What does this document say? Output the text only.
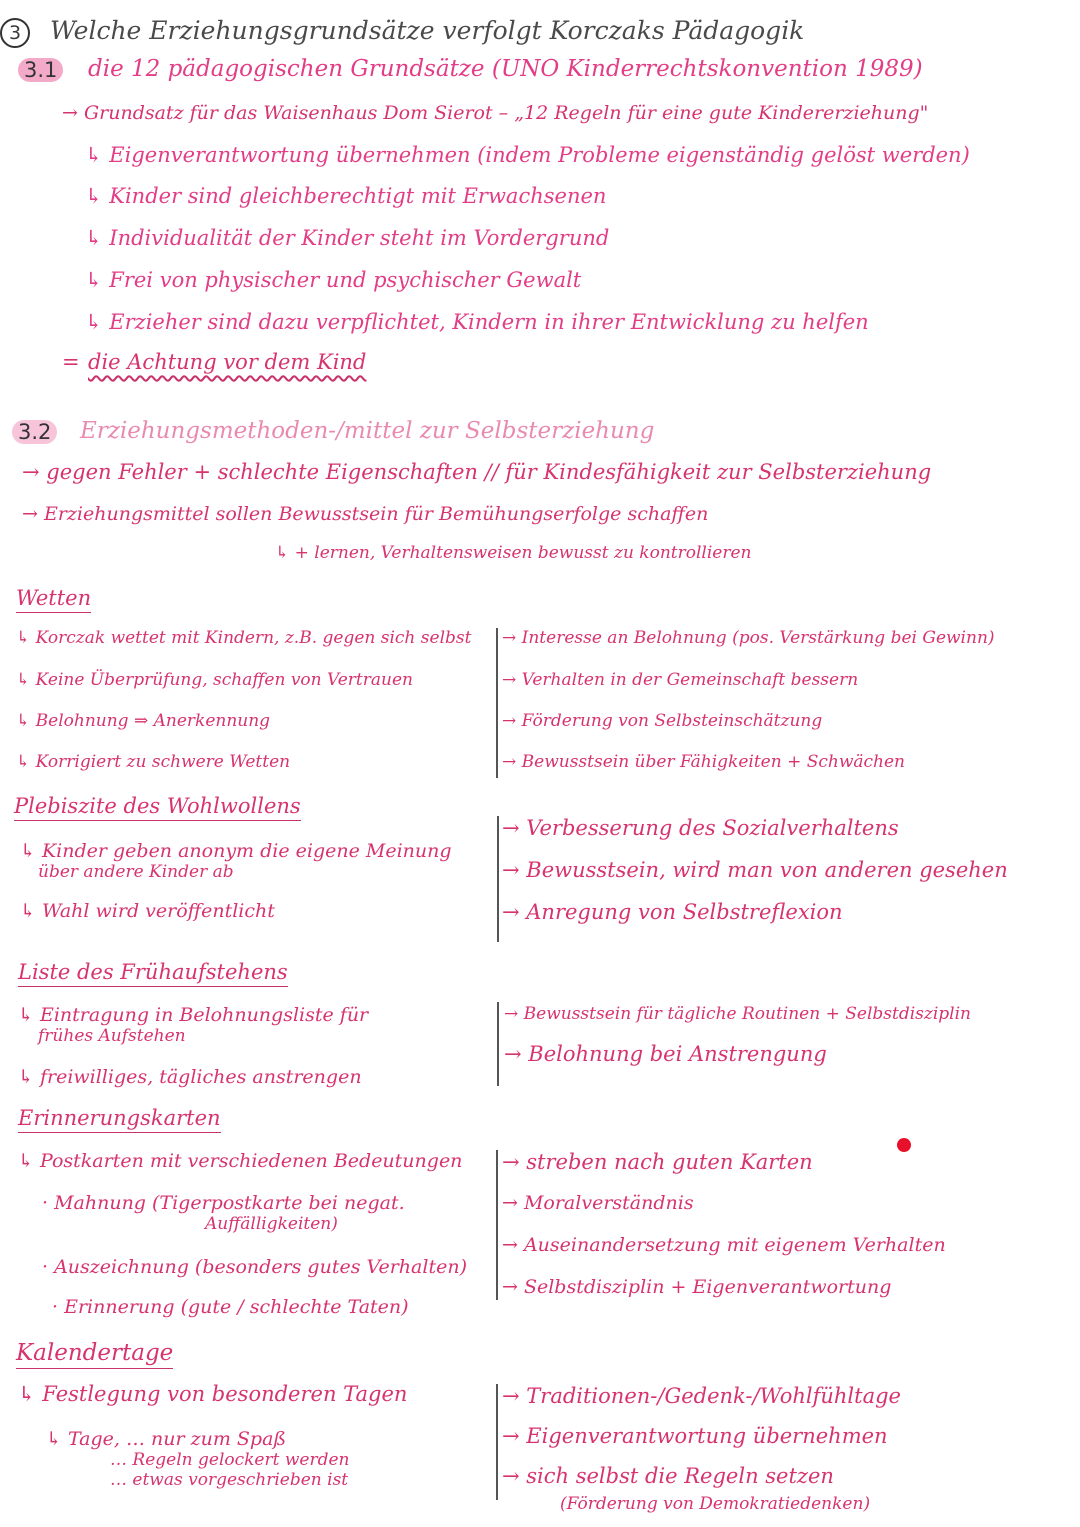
3	Welche Erziehungsgrundsätze verfolgt Korczaks Pädagogik
3.1 die 12 pädagogischen Grundsätze (UNO Kinderrechtskonvention 1989)
→ Grundsatz für das Waisenhaus Dom Sierot – „12 Regeln für eine gute Kindererziehung"
↳ Eigenverantwortung übernehmen (indem Probleme eigenständig gelöst werden)
↳ Kinder sind gleichberechtigt mit Erwachsenen
↳ Individualität der Kinder steht im Vordergrund
↳ Frei von physischer und psychischer Gewalt
↳ Erzieher sind dazu verpflichtet, Kindern in ihrer Entwicklung zu helfen
= die Achtung vor dem Kind
3.2 Erziehungsmethoden-/mittel zur Selbsterziehung
→ gegen Fehler + schlechte Eigenschaften // für Kindesfähigkeit zur Selbsterziehung
→ Erziehungsmittel sollen Bewusstsein für Bemühungserfolge schaffen
↳ + lernen, Verhaltensweisen bewusst zu kontrollieren
Wetten
↳ Korczak wettet mit Kindern, z.B. gegen sich selbst
↳ Keine Überprüfung, schaffen von Vertrauen
↳ Belohnung ⇒ Anerkennung
↳ Korrigiert zu schwere Wetten
→ Interesse an Belohnung (pos. Verstärkung bei Gewinn)
→ Verhalten in der Gemeinschaft bessern
→ Förderung von Selbsteinschätzung
→ Bewusstsein über Fähigkeiten + Schwächen
Plebiszite des Wohlwollens
↳ Kinder geben anonym die eigene Meinung
über andere Kinder ab
↳ Wahl wird veröffentlicht
→ Verbesserung des Sozialverhaltens
→ Bewusstsein, wird man von anderen gesehen
→ Anregung von Selbstreflexion
Liste des Frühaufstehens
↳ Eintragung in Belohnungsliste für
frühes Aufstehen
↳ freiwilliges, tägliches anstrengen
→ Bewusstsein für tägliche Routinen + Selbstdisziplin
→ Belohnung bei Anstrengung
Erinnerungskarten
↳ Postkarten mit verschiedenen Bedeutungen
· Mahnung (Tigerpostkarte bei negat.
Auffälligkeiten)
· Auszeichnung (besonders gutes Verhalten)
· Erinnerung (gute / schlechte Taten)
→ streben nach guten Karten
→ Moralverständnis
→ Auseinandersetzung mit eigenem Verhalten
→ Selbstdisziplin + Eigenverantwortung
Kalendertage
↳ Festlegung von besonderen Tagen
↳ Tage, … nur zum Spaß
… Regeln gelockert werden
… etwas vorgeschrieben ist
→ Traditionen-/Gedenk-/Wohlfühltage
→ Eigenverantwortung übernehmen
→ sich selbst die Regeln setzen
(Förderung von Demokratiedenken)
